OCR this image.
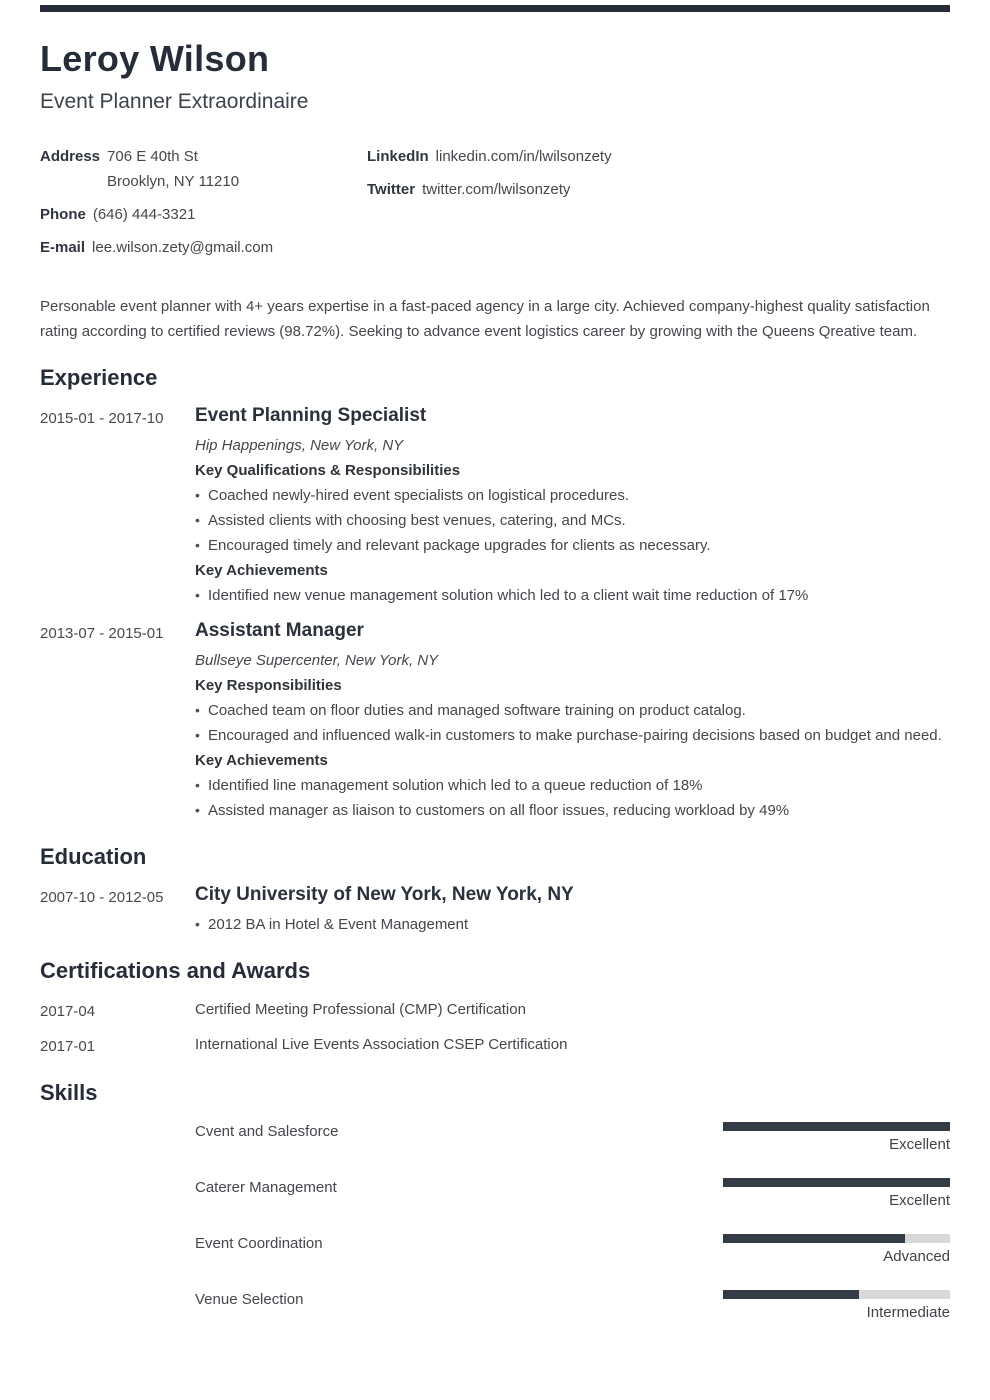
Leroy Wilson
Event Planner Extraordinaire
Address 706 E 40th St
Brooklyn, NY 11210
Phone (646) 444-3321
E-mail lee.wilson.zety@gmail.com
LinkedIn linkedin.com/in/lwilsonzety
Twitter twitter.com/lwilsonzety

Personable event planner with 4+ years expertise in a fast-paced agency in a large city. Achieved company-highest quality satisfaction rating according to certified reviews (98.72%). Seeking to advance event logistics career by growing with the Queens Qreative team.

Experience
2015-01 - 2017-10	Event Planning Specialist
Hip Happenings, New York, NY
Key Qualifications & Responsibilities
• Coached newly-hired event specialists on logistical procedures.
• Assisted clients with choosing best venues, catering, and MCs.
• Encouraged timely and relevant package upgrades for clients as necessary.
Key Achievements
• Identified new venue management solution which led to a client wait time reduction of 17%
2013-07 - 2015-01	Assistant Manager
Bullseye Supercenter, New York, NY
Key Responsibilities
• Coached team on floor duties and managed software training on product catalog.
• Encouraged and influenced walk-in customers to make purchase-pairing decisions based on budget and need.
Key Achievements
• Identified line management solution which led to a queue reduction of 18%
• Assisted manager as liaison to customers on all floor issues, reducing workload by 49%
Education
2007-10 - 2012-05	City University of New York, New York, NY
• 2012 BA in Hotel & Event Management
Certifications and Awards
2017-04	Certified Meeting Professional (CMP) Certification
2017-01	International Live Events Association CSEP Certification
Skills
Cvent and Salesforce
Excellent
Caterer Management
Excellent
Event Coordination
Advanced
Venue Selection
Intermediate
